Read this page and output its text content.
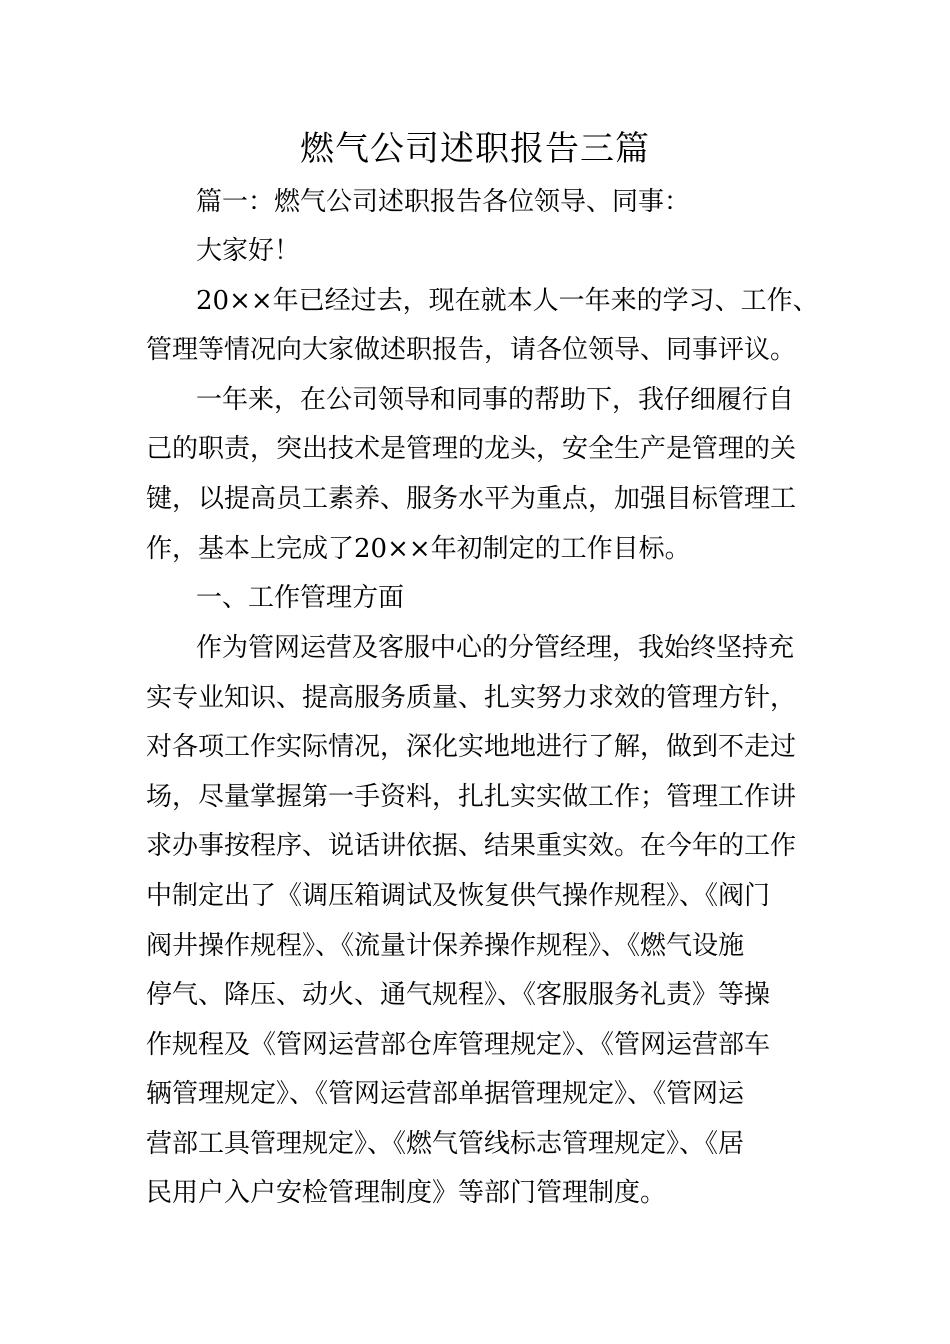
燃气公司述职报告三篇

篇一：燃气公司述职报告各位领导、同事：

大家好！

20××年已经过去，现在就本人一年来的学习、工作、

管理等情况向大家做述职报告，请各位领导、同事评议。

一年来，在公司领导和同事的帮助下，我仔细履行自

己的职责，突出技术是管理的龙头，安全生产是管理的关

键，以提高员工素养、服务水平为重点，加强目标管理工

作，基本上完成了20××年初制定的工作目标。

一、工作管理方面

作为管网运营及客服中心的分管经理，我始终坚持充

实专业知识、提高服务质量、扎实努力求效的管理方针，

对各项工作实际情况，深化实地地进行了解，做到不走过

场，尽量掌握第一手资料，扎扎实实做工作；管理工作讲

求办事按程序、说话讲依据、结果重实效。在今年的工作

中制定出了《调压箱调试及恢复供气操作规程》、《阀门

阀井操作规程》、《流量计保养操作规程》、《燃气设施

停气、降压、动火、通气规程》、《客服服务礼责》等操

作规程及《管网运营部仓库管理规定》、《管网运营部车

辆管理规定》、《管网运营部单据管理规定》、《管网运

营部工具管理规定》、《燃气管线标志管理规定》、《居

民用户入户安检管理制度》等部门管理制度。
